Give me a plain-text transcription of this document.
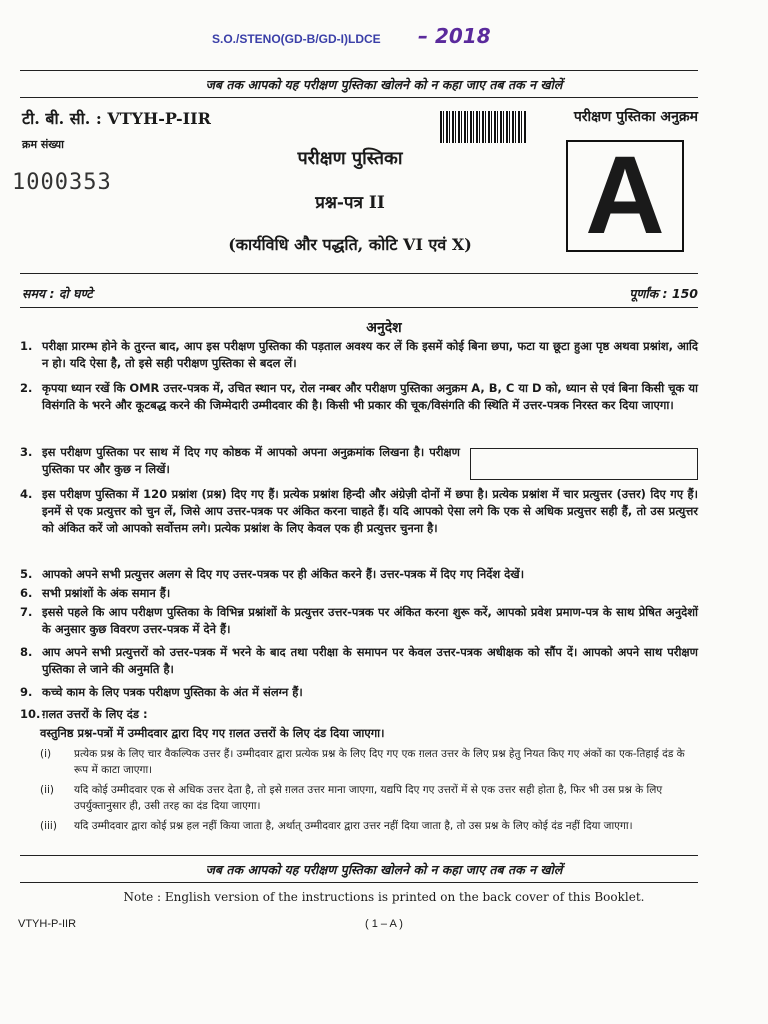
S.O./STENO(GD-B/GD-I)LDCE – 2018
जब तक आपको यह परीक्षण पुस्तिका खोलने को न कहा जाए तब तक न खोलें
टी. बी. सी. : VTYH-P-IIR	परीक्षण पुस्तिका अनुक्रम
क्रम संख्या
1000353
परीक्षण पुस्तिका
प्रश्न-पत्र II
(कार्यविधि और पद्धति, कोटि VI एवं X)	A
समय : दो घण्टे	पूर्णांक : 150
अनुदेश
1. परीक्षा प्रारम्भ होने के तुरन्त बाद, आप इस परीक्षण पुस्तिका की पड़ताल अवश्य कर लें कि इसमें कोई बिना छपा, फटा या छूटा हुआ पृष्ठ अथवा प्रश्नांश, आदि न हो। यदि ऐसा है, तो इसे सही परीक्षण पुस्तिका से बदल लें।
2. कृपया ध्यान रखें कि OMR उत्तर-पत्रक में, उचित स्थान पर, रोल नम्बर और परीक्षण पुस्तिका अनुक्रम A, B, C या D को, ध्यान से एवं बिना किसी चूक या विसंगति के भरने और कूटबद्ध करने की जिम्मेदारी उम्मीदवार की है। किसी भी प्रकार की चूक/विसंगति की स्थिति में उत्तर-पत्रक निरस्त कर दिया जाएगा।
3. इस परीक्षण पुस्तिका पर साथ में दिए गए कोष्ठक में आपको अपना अनुक्रमांक लिखना है। परीक्षण पुस्तिका पर और कुछ न लिखें।
4. इस परीक्षण पुस्तिका में 120 प्रश्नांश (प्रश्न) दिए गए हैं। प्रत्येक प्रश्नांश हिन्दी और अंग्रेज़ी दोनों में छपा है। प्रत्येक प्रश्नांश में चार प्रत्युत्तर (उत्तर) दिए गए हैं। इनमें से एक प्रत्युत्तर को चुन लें, जिसे आप उत्तर-पत्रक पर अंकित करना चाहते हैं। यदि आपको ऐसा लगे कि एक से अधिक प्रत्युत्तर सही हैं, तो उस प्रत्युत्तर को अंकित करें जो आपको सर्वोत्तम लगे। प्रत्येक प्रश्नांश के लिए केवल एक ही प्रत्युत्तर चुनना है।
5. आपको अपने सभी प्रत्युत्तर अलग से दिए गए उत्तर-पत्रक पर ही अंकित करने हैं। उत्तर-पत्रक में दिए गए निर्देश देखें।
6. सभी प्रश्नांशों के अंक समान हैं।
7. इससे पहले कि आप परीक्षण पुस्तिका के विभिन्न प्रश्नांशों के प्रत्युत्तर उत्तर-पत्रक पर अंकित करना शुरू करें, आपको प्रवेश प्रमाण-पत्र के साथ प्रेषित अनुदेशों के अनुसार कुछ विवरण उत्तर-पत्रक में देने हैं।
8. आप अपने सभी प्रत्युत्तरों को उत्तर-पत्रक में भरने के बाद तथा परीक्षा के समापन पर केवल उत्तर-पत्रक अधीक्षक को सौंप दें। आपको अपने साथ परीक्षण पुस्तिका ले जाने की अनुमति है।
9. कच्चे काम के लिए पत्रक परीक्षण पुस्तिका के अंत में संलग्न हैं।
10. ग़लत उत्तरों के लिए दंड :
वस्तुनिष्ठ प्रश्न-पत्रों में उम्मीदवार द्वारा दिए गए ग़लत उत्तरों के लिए दंड दिया जाएगा।
(i)	प्रत्येक प्रश्न के लिए चार वैकल्पिक उत्तर हैं। उम्मीदवार द्वारा प्रत्येक प्रश्न के लिए दिए गए एक ग़लत उत्तर के लिए प्रश्न हेतु नियत किए गए अंकों का एक-तिहाई दंड के रूप में काटा जाएगा।
(ii)	यदि कोई उम्मीदवार एक से अधिक उत्तर देता है, तो इसे ग़लत उत्तर माना जाएगा, यद्यपि दिए गए उत्तरों में से एक उत्तर सही होता है, फिर भी उस प्रश्न के लिए उपर्युक्तानुसार ही, उसी तरह का दंड दिया जाएगा।
(iii)	यदि उम्मीदवार द्वारा कोई प्रश्न हल नहीं किया जाता है, अर्थात् उम्मीदवार द्वारा उत्तर नहीं दिया जाता है, तो उस प्रश्न के लिए कोई दंड नहीं दिया जाएगा।
जब तक आपको यह परीक्षण पुस्तिका खोलने को न कहा जाए तब तक न खोलें
Note : English version of the instructions is printed on the back cover of this Booklet.
VTYH-P-IIR	( 1 – A )
